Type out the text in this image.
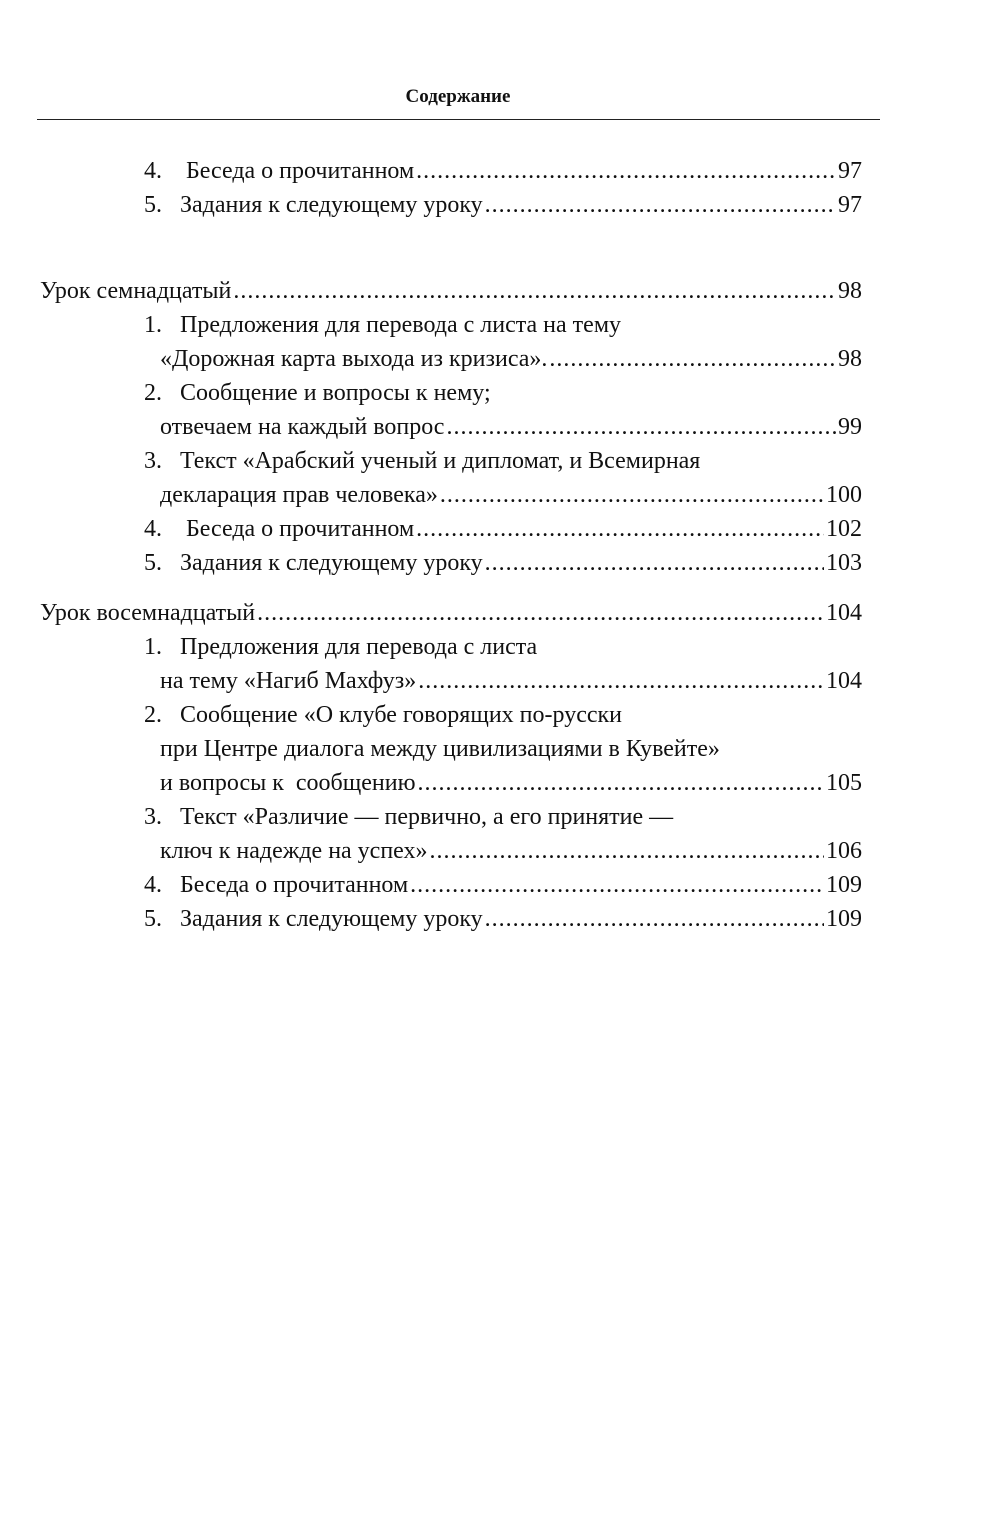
Содержание
4. Беседа о прочитанном .....	97
5. Задания к следующему уроку .....	97
Урок семнадцатый .....	98
1. Предложения для перевода с листа на тему
«Дорожная карта выхода из кризиса». .....	98
2. Сообщение и вопросы к нему;
отвечаем на каждый вопрос .....	99
3. Текст «Арабский ученый и дипломат, и Всемирная
декларация прав человека» .....	100
4. Беседа о прочитанном .....	102
5. Задания к следующему уроку .....	103
Урок восемнадцатый .....	104
1. Предложения для перевода с листа
на тему «Нагиб Махфуз» .....	104
2. Сообщение «О клубе говорящих по-русски
при Центре диалога между цивилизациями в Кувейте»
и вопросы к  сообщению .....	105
3. Текст «Различие — первично, а его принятие —
ключ к надежде на успех» .....	106
4. Беседа о прочитанном .....	109
5. Задания к следующему уроку .....	109
